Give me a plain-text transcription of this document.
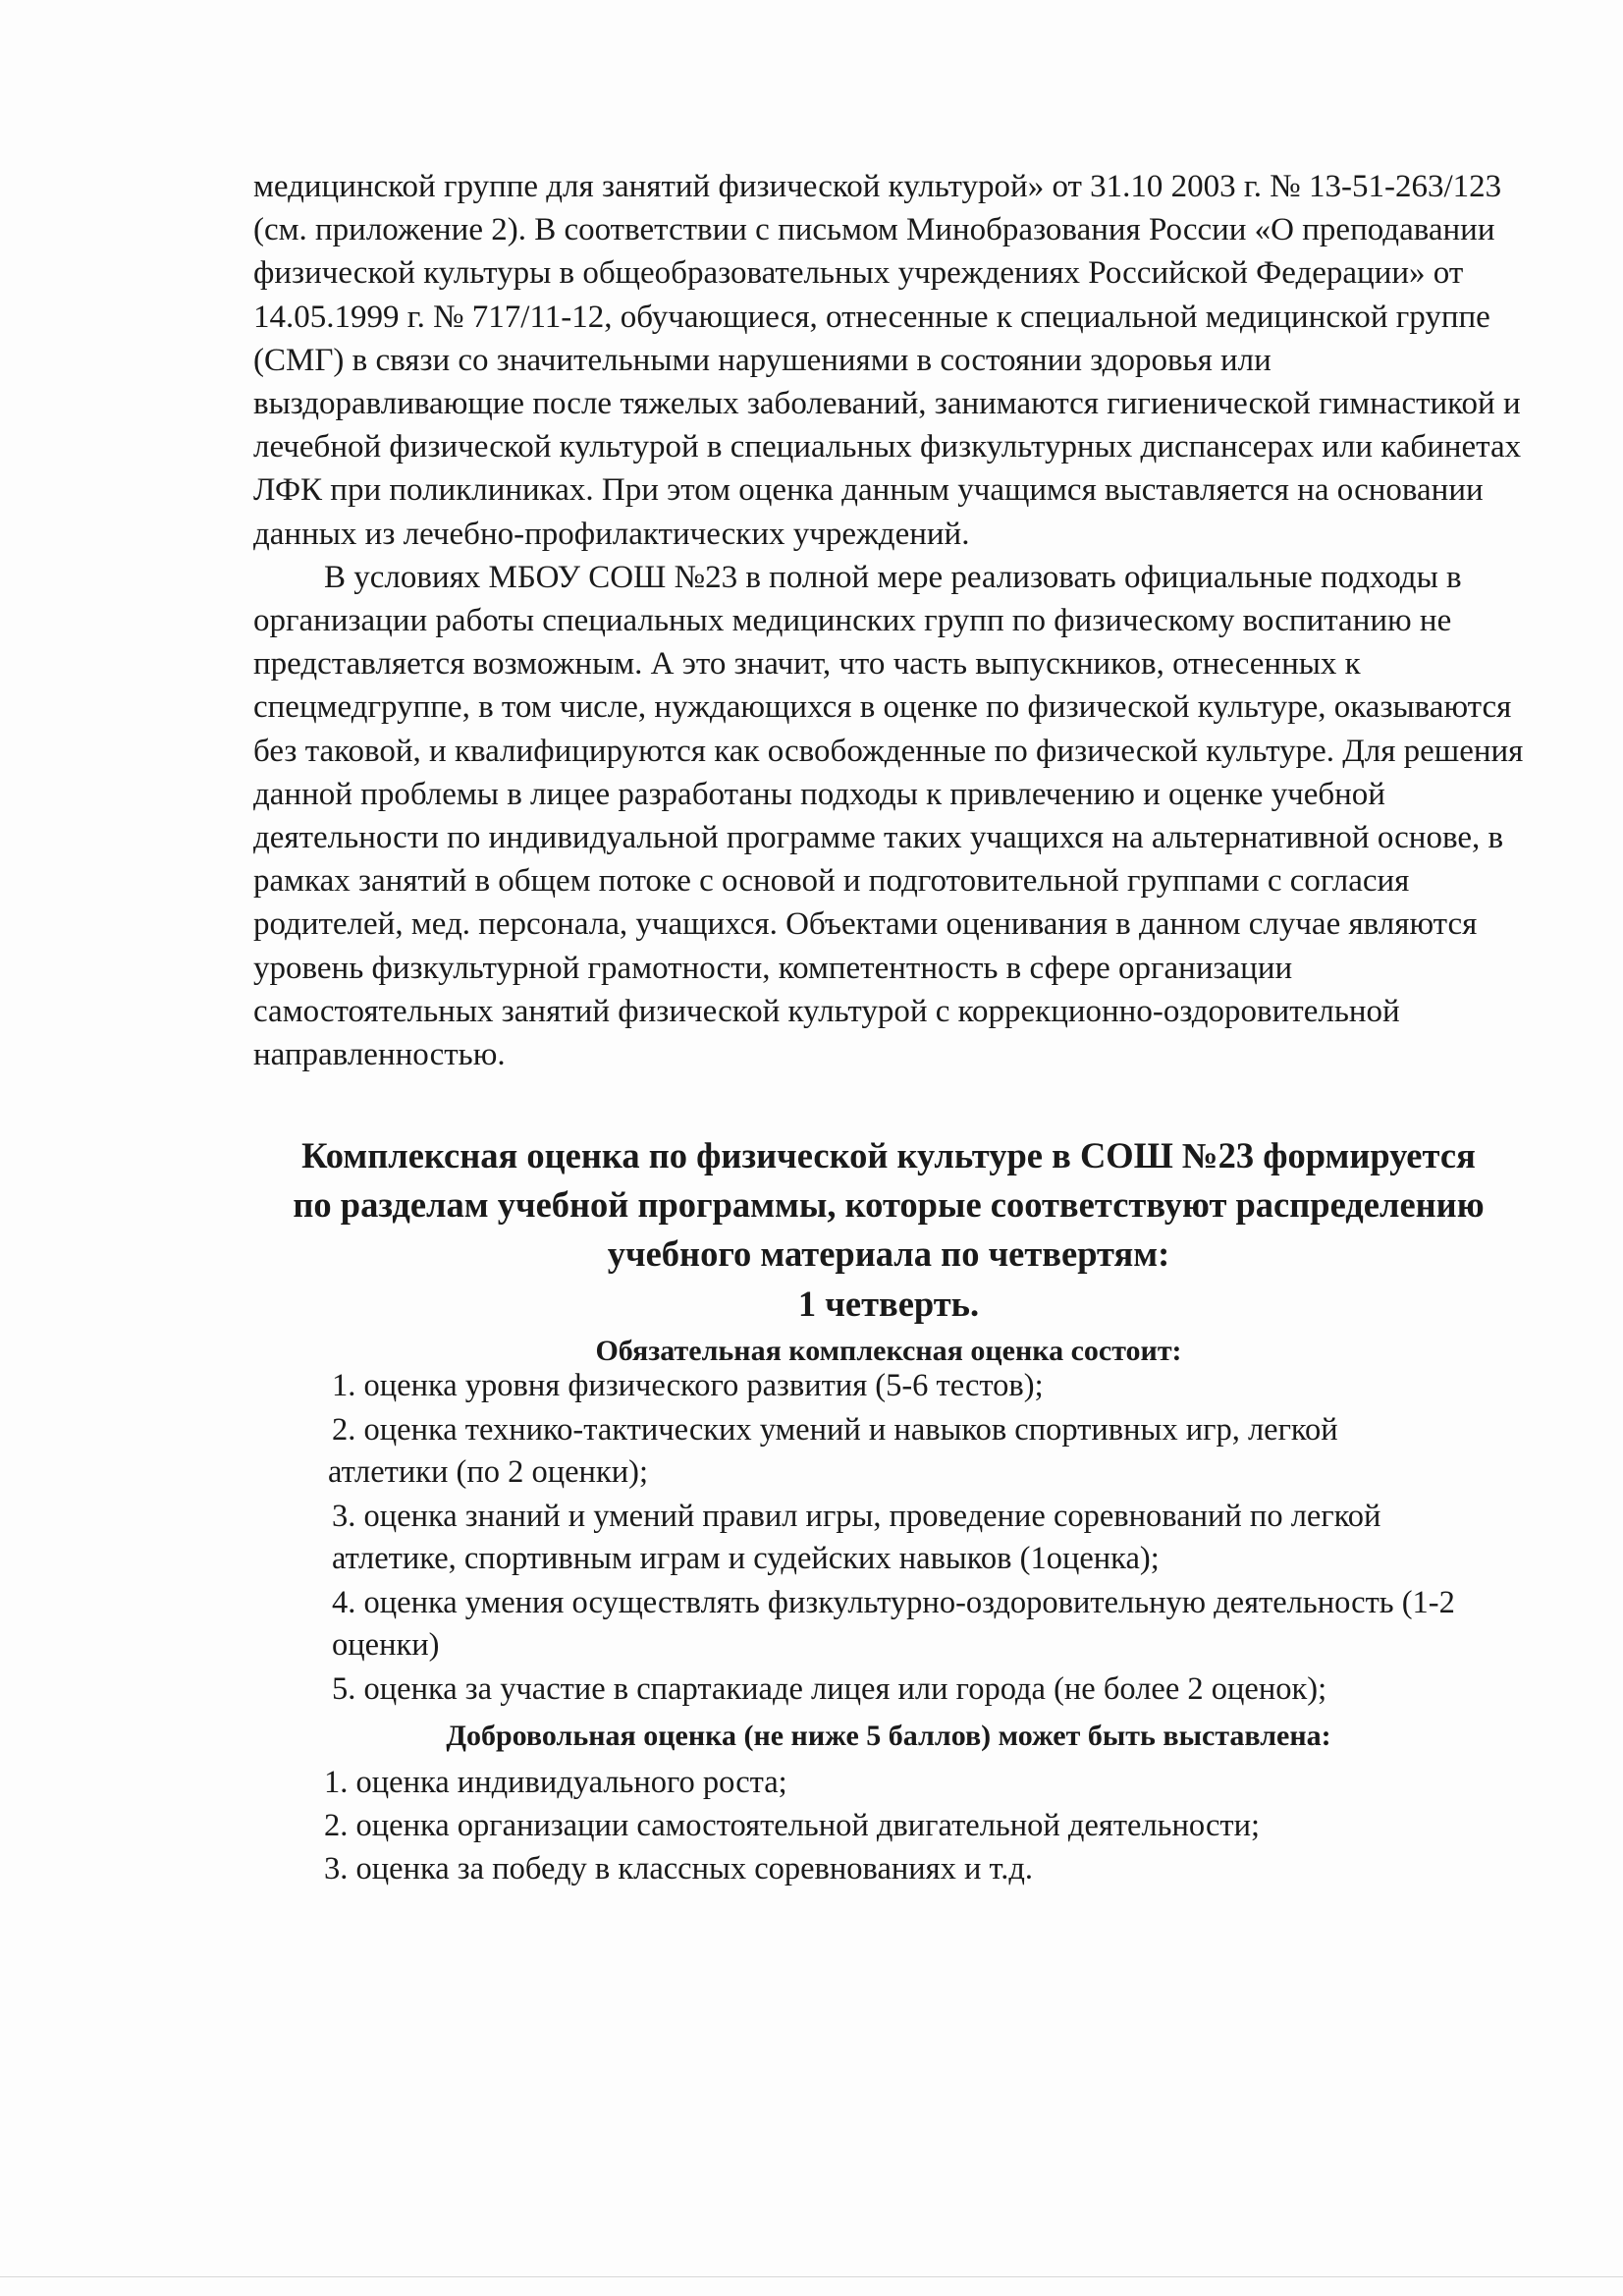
медицинской группе для занятий физической культурой» от 31.10 2003 г. № 13-51-263/123 (см. приложение 2). В соответствии с письмом Минобразования России «О преподавании физической культуры в общеобразовательных учреждениях Российской Федерации» от 14.05.1999 г. № 717/11-12, обучающиеся, отнесенные к специальной медицинской группе (СМГ) в связи со значительными нарушениями в состоянии здоровья или выздоравливающие после тяжелых заболеваний, занимаются гигиенической гимнастикой и лечебной физической культурой в специальных физкультурных диспансерах или кабинетах ЛФК при поликлиниках. При этом оценка данным учащимся выставляется на основании данных из лечебно-профилактических учреждений.

В условиях МБОУ СОШ №23 в полной мере реализовать официальные подходы в организации работы специальных медицинских групп по физическому воспитанию не представляется возможным. А это значит, что часть выпускников, отнесенных к спецмедгруппе, в том числе, нуждающихся в оценке по физической культуре, оказываются без таковой, и квалифицируются как освобожденные по физической культуре. Для решения данной проблемы в лицее разработаны подходы к привлечению и оценке учебной деятельности по индивидуальной программе таких учащихся на альтернативной основе, в рамках занятий в общем потоке с основой и подготовительной группами с согласия родителей, мед. персонала, учащихся. Объектами оценивания в данном случае являются уровень физкультурной грамотности, компетентность в сфере организации самостоятельных занятий физической культурой с коррекционно-оздоровительной направленностью.

Комплексная оценка по физической культуре в СОШ №23 формируется
по разделам учебной программы, которые соответствуют распределению
учебного материала по четвертям:
1 четверть.
Обязательная комплексная оценка состоит:
1. оценка уровня физического развития (5-6 тестов);
2. оценка технико-тактических умений и навыков спортивных игр, легкой
атлетики (по 2 оценки);
3. оценка знаний и умений правил игры, проведение соревнований по легкой
атлетике, спортивным играм и судейских навыков (1оценка);
4. оценка умения осуществлять физкультурно-оздоровительную деятельность (1-2
оценки)
5. оценка за участие в спартакиаде лицея или города (не более 2 оценок);
Добровольная оценка (не ниже 5 баллов) может быть выставлена:
1. оценка индивидуального роста;
2. оценка организации самостоятельной двигательной деятельности;
3. оценка за победу в классных соревнованиях и т.д.
